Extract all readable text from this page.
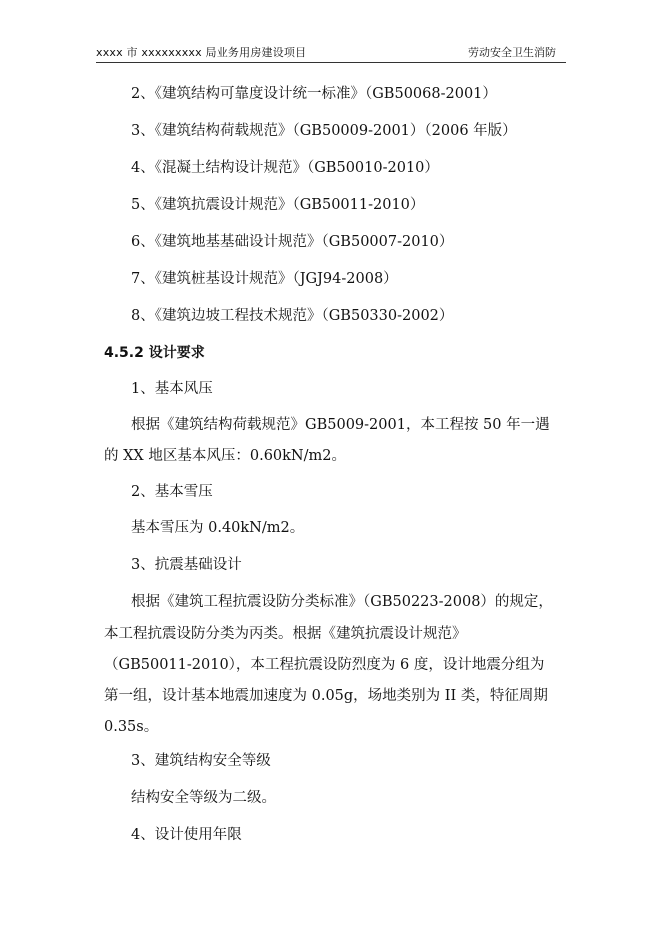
xxxx 市 xxxxxxxxx 局业务用房建设项目	劳动安全卫生消防
2、《建筑结构可靠度设计统一标准》（GB50068-2001）
3、《建筑结构荷载规范》（GB50009-2001）（2006 年版）
4、《混凝土结构设计规范》（GB50010-2010）
5、《建筑抗震设计规范》（GB50011-2010）
6、《建筑地基基础设计规范》（GB50007-2010）
7、《建筑桩基设计规范》（JGJ94-2008）
8、《建筑边坡工程技术规范》（GB50330-2002）
4.5.2 设计要求
1、基本风压
根据《建筑结构荷载规范》GB5009-2001，本工程按 50 年一遇
的 XX 地区基本风压：0.60kN/m2。
2、基本雪压
基本雪压为 0.40kN/m2。
3、抗震基础设计
根据《建筑工程抗震设防分类标准》（GB50223-2008）的规定，
本工程抗震设防分类为丙类。根据《建筑抗震设计规范》
（GB50011-2010），本工程抗震设防烈度为 6 度，设计地震分组为
第一组，设计基本地震加速度为 0.05g，场地类别为 II 类，特征周期
0.35s。
3、建筑结构安全等级
结构安全等级为二级。
4、设计使用年限
